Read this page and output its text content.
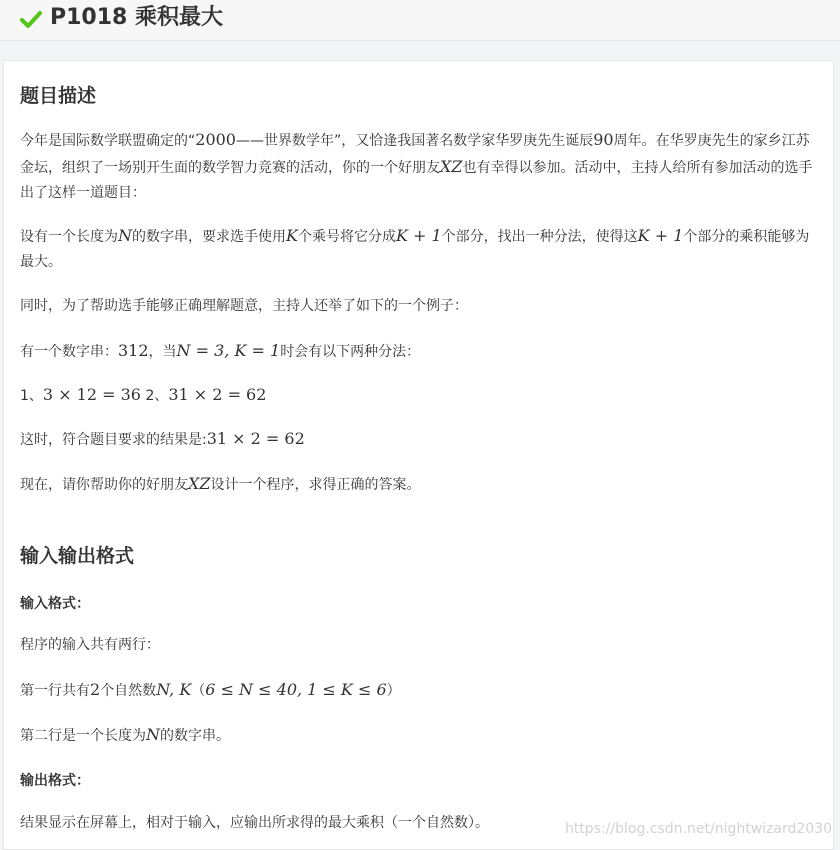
P1018 乘积最大
题目描述
今年是国际数学联盟确定的“2000——世界数学年”，又恰逢我国著名数学家华罗庚先生诞辰90周年。在华罗庚先生的家乡江苏金坛，组织了一场别开生面的数学智力竞赛的活动，你的一个好朋友XZ也有幸得以参加。活动中，主持人给所有参加活动的选手出了这样一道题目：
设有一个长度为N的数字串，要求选手使用K个乘号将它分成K + 1个部分，找出一种分法，使得这K + 1个部分的乘积能够为最大。
同时，为了帮助选手能够正确理解题意，主持人还举了如下的一个例子：
有一个数字串：312，当N = 3, K = 1时会有以下两种分法：
1、3 × 12 = 36 2、31 × 2 = 62
这时，符合题目要求的结果是:31 × 2 = 62
现在，请你帮助你的好朋友XZ设计一个程序，求得正确的答案。
输入输出格式
输入格式：
程序的输入共有两行：
第一行共有2个自然数N, K（6 ≤ N ≤ 40, 1 ≤ K ≤ 6）
第二行是一个长度为N的数字串。
输出格式：
结果显示在屏幕上，相对于输入，应输出所求得的最大乘积（一个自然数）。	https://blog.csdn.net/nightwizard2030
